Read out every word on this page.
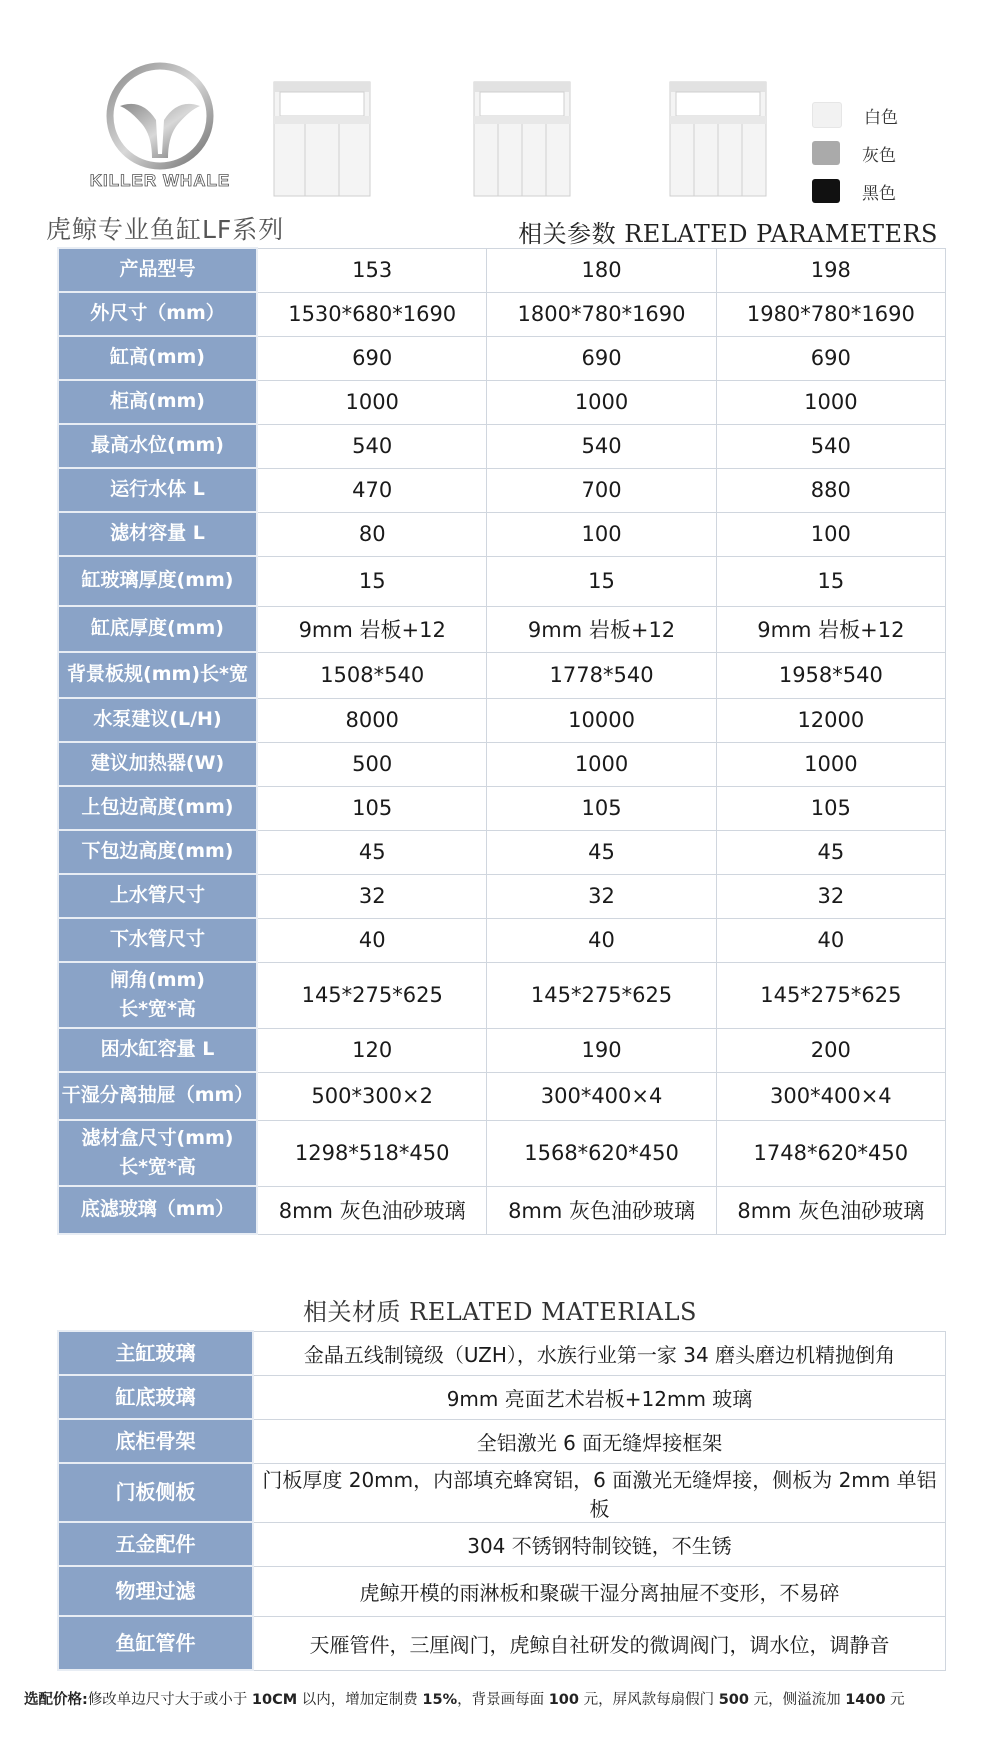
KILLER WHALE
白色
灰色
黑色
虎鲸专业鱼缸LF系列	相关参数 RELATED PARAMETERS
产品型号	153	180	198

外尺寸（mm）	1530*680*1690	1800*780*1690	1980*780*1690

缸高(mm)	690	690	690

柜高(mm)	1000	1000	1000

最高水位(mm)	540	540	540

运行水体 L	470	700	880

滤材容量 L	80	100	100

缸玻璃厚度(mm)	15	15	15

缸底厚度(mm)	9mm 岩板+12	9mm 岩板+12	9mm 岩板+12

背景板规(mm)长*宽	1508*540	1778*540	1958*540

水泵建议(L/H)	8000	10000	12000

建议加热器(W)	500	1000	1000

上包边高度(mm)	105	105	105

下包边高度(mm)	45	45	45

上水管尺寸	32	32	32

下水管尺寸	40	40	40

闸角(mm)
长*宽*高	145*275*625	145*275*625	145*275*625

困水缸容量 L	120	190	200

干湿分离抽屉（mm）	500*300×2	300*400×4	300*400×4

滤材盒尺寸(mm)
长*宽*高	1298*518*450	1568*620*450	1748*620*450

底滤玻璃（mm）	8mm 灰色油砂玻璃	8mm 灰色油砂玻璃	8mm 灰色油砂玻璃
相关材质 RELATED MATERIALS
主缸玻璃	金晶五线制镜级（UZH），水族行业第一家 34 磨头磨边机精抛倒角
缸底玻璃	9mm 亮面艺术岩板+12mm 玻璃
底柜骨架	全铝激光 6 面无缝焊接框架
门板侧板	门板厚度 20mm，内部填充蜂窝铝，6 面激光无缝焊接，侧板为 2mm 单铝板
五金配件	304 不锈钢特制铰链，不生锈
物理过滤	虎鲸开模的雨淋板和聚碳干湿分离抽屉不变形，不易碎
鱼缸管件	天雁管件，三厘阀门，虎鲸自社研发的微调阀门，调水位，调静音
选配价格:修改单边尺寸大于或小于 10CM 以内，增加定制费 15%，背景画每面 100 元，屏风款每扇假门 500 元，侧溢流加 1400 元
